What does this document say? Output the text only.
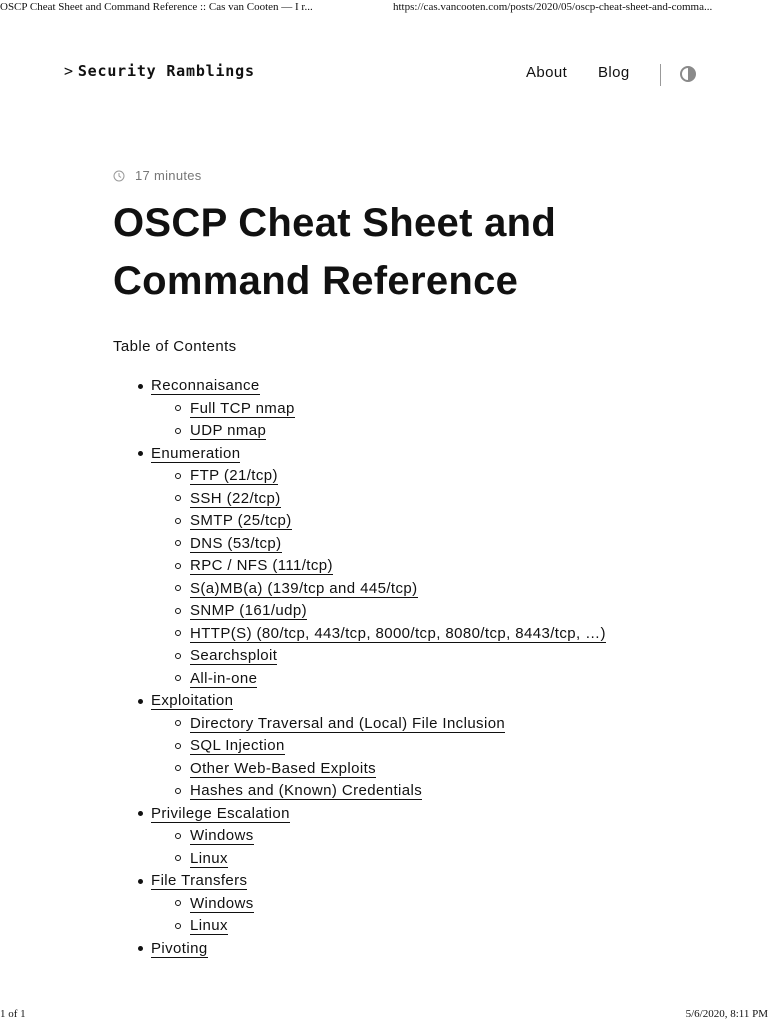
OSCP Cheat Sheet and Command Reference :: Cas van Cooten — I r...	https://cas.vancooten.com/posts/2020/05/oscp-cheat-sheet-and-comma...
> Security Ramblings	About Blog
17 minutes
OSCP Cheat Sheet and Command Reference
Table of Contents
Reconnaisance
Full TCP nmap
UDP nmap
Enumeration
FTP (21/tcp)
SSH (22/tcp)
SMTP (25/tcp)
DNS (53/tcp)
RPC / NFS (111/tcp)
S(a)MB(a) (139/tcp and 445/tcp)
SNMP (161/udp)
HTTP(S) (80/tcp, 443/tcp, 8000/tcp, 8080/tcp, 8443/tcp, …)
Searchsploit
All-in-one
Exploitation
Directory Traversal and (Local) File Inclusion
SQL Injection
Other Web-Based Exploits
Hashes and (Known) Credentials
Privilege Escalation
Windows
Linux
File Transfers
Windows
Linux
Pivoting
1 of 1	5/6/2020, 8:11 PM
